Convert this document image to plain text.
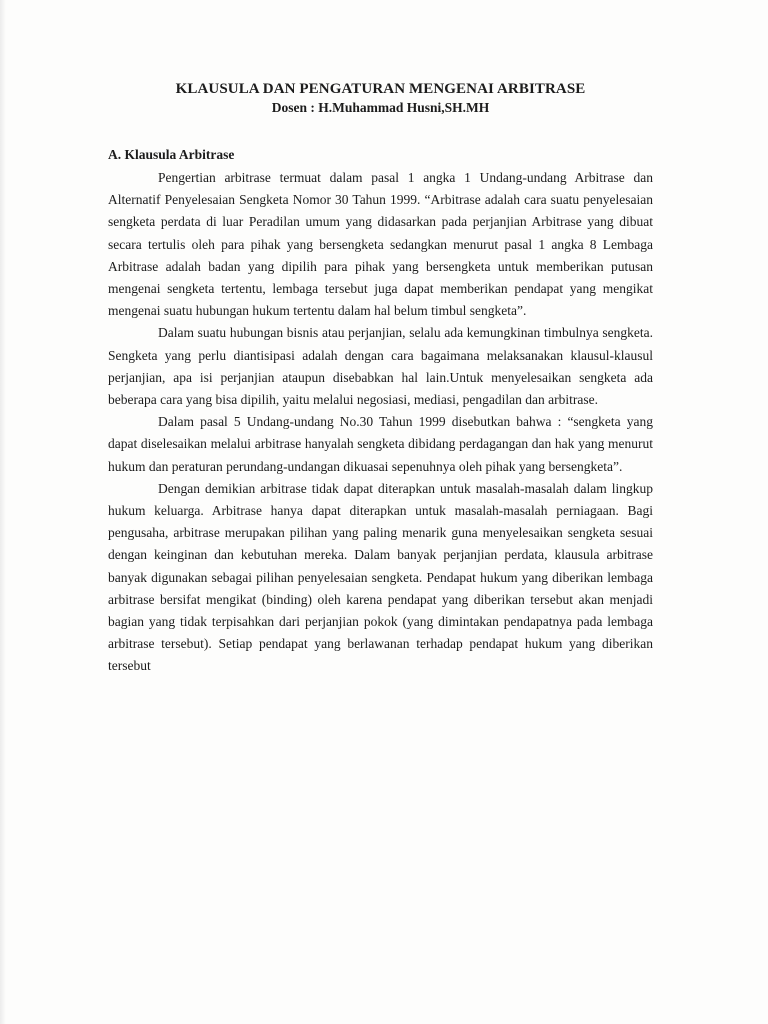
KLAUSULA DAN PENGATURAN MENGENAI ARBITRASE

Dosen : H.Muhammad Husni,SH.MH

A. Klausula Arbitrase

Pengertian arbitrase termuat dalam pasal 1 angka 1 Undang-undang Arbitrase dan Alternatif Penyelesaian Sengketa Nomor 30 Tahun 1999. “Arbitrase adalah cara suatu penyelesaian sengketa perdata di luar Peradilan umum yang didasarkan pada perjanjian Arbitrase yang dibuat secara tertulis oleh para pihak yang bersengketa sedangkan menurut pasal 1 angka 8 Lembaga Arbitrase adalah badan yang dipilih para pihak yang bersengketa untuk memberikan putusan mengenai sengketa tertentu, lembaga tersebut juga dapat memberikan pendapat yang mengikat mengenai suatu hubungan hukum tertentu dalam hal belum timbul sengketa”.

Dalam suatu hubungan bisnis atau perjanjian, selalu ada kemungkinan timbulnya sengketa. Sengketa yang perlu diantisipasi adalah dengan cara bagaimana melaksanakan klausul-klausul perjanjian, apa isi perjanjian ataupun disebabkan hal lain.Untuk menyelesaikan sengketa ada beberapa cara yang bisa dipilih, yaitu melalui negosiasi, mediasi, pengadilan dan arbitrase.

Dalam pasal 5 Undang-undang No.30 Tahun 1999 disebutkan bahwa : “sengketa yang dapat diselesaikan melalui arbitrase hanyalah sengketa dibidang perdagangan dan hak yang menurut hukum dan peraturan perundang-undangan dikuasai sepenuhnya oleh pihak yang bersengketa”.

Dengan demikian arbitrase tidak dapat diterapkan untuk masalah-masalah dalam lingkup hukum keluarga. Arbitrase hanya dapat diterapkan untuk masalah-masalah perniagaan. Bagi pengusaha, arbitrase merupakan pilihan yang paling menarik guna menyelesaikan sengketa sesuai dengan keinginan dan kebutuhan mereka. Dalam banyak perjanjian perdata, klausula arbitrase banyak digunakan sebagai pilihan penyelesaian sengketa. Pendapat hukum yang diberikan lembaga arbitrase bersifat mengikat (binding) oleh karena pendapat yang diberikan tersebut akan menjadi bagian yang tidak terpisahkan dari perjanjian pokok (yang dimintakan pendapatnya pada lembaga arbitrase tersebut). Setiap pendapat yang berlawanan terhadap pendapat hukum yang diberikan tersebut
